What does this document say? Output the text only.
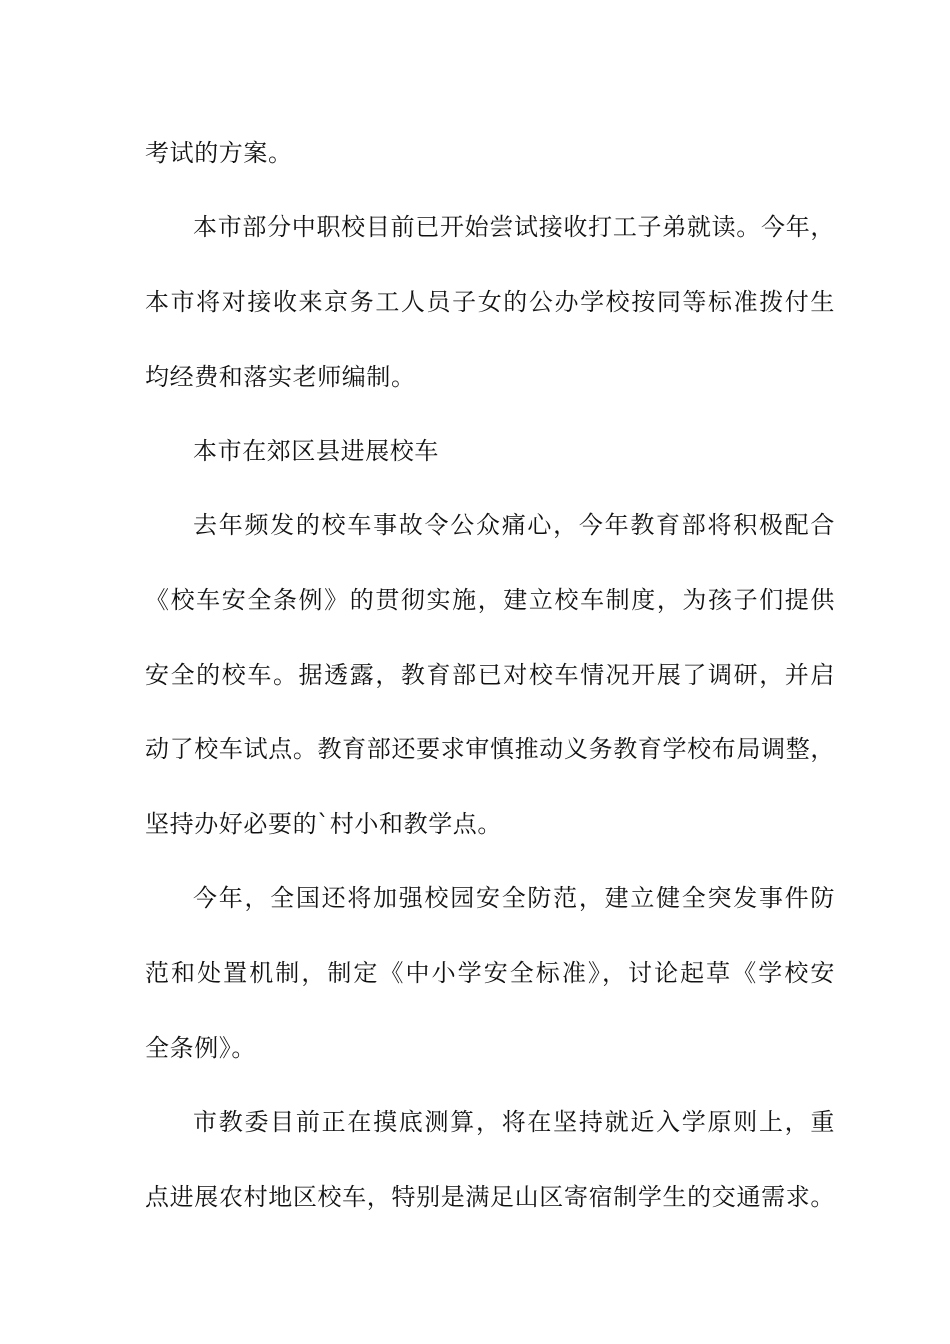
考试的方案。
本市部分中职校目前已开始尝试接收打工子弟就读。今年，
本市将对接收来京务工人员子女的公办学校按同等标准拨付生
均经费和落实老师编制。
本市在郊区县进展校车
去年频发的校车事故令公众痛心，今年教育部将积极配合
《校车安全条例》的贯彻实施，建立校车制度，为孩子们提供
安全的校车。据透露，教育部已对校车情况开展了调研，并启
动了校车试点。教育部还要求审慎推动义务教育学校布局调整，
坚持办好必要的`村小和教学点。
今年，全国还将加强校园安全防范，建立健全突发事件防
范和处置机制，制定《中小学安全标准》，讨论起草《学校安
全条例》。
市教委目前正在摸底测算，将在坚持就近入学原则上，重
点进展农村地区校车，特别是满足山区寄宿制学生的交通需求。
